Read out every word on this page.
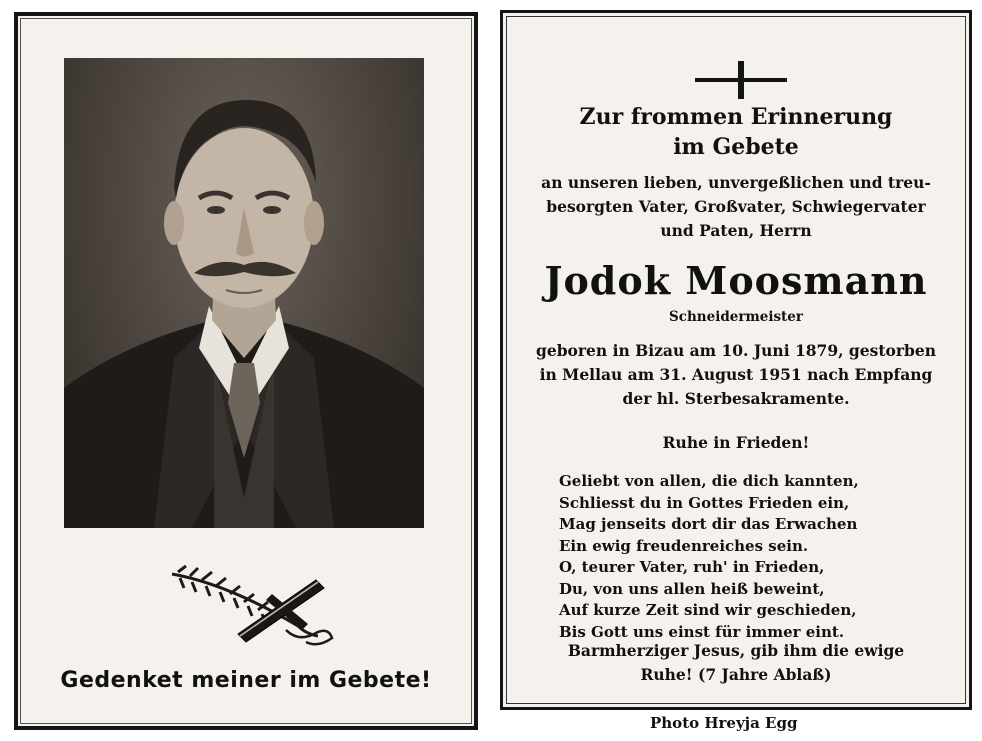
Gedenket meiner im Gebete!
Zur frommen Erinnerung
im Gebete
an unseren lieben, unvergeßlichen und treu-
besorgten Vater, Großvater, Schwiegervater
und Paten, Herrn
Jodok Moosmann
Schneidermeister
geboren in Bizau am 10. Juni 1879, gestorben
in Mellau am 31. August 1951 nach Empfang
der hl. Sterbesakramente.
Ruhe in Frieden!
Geliebt von allen, die dich kannten,
Schliesst du in Gottes Frieden ein,
Mag jenseits dort dir das Erwachen
Ein ewig freudenreiches sein.
O, teurer Vater, ruh' in Frieden,
Du, von uns allen heiß beweint,
Auf kurze Zeit sind wir geschieden,
Bis Gott uns einst für immer eint.
Barmherziger Jesus, gib ihm die ewige
Ruhe! (7 Jahre Ablaß)
Photo Hreyja Egg
